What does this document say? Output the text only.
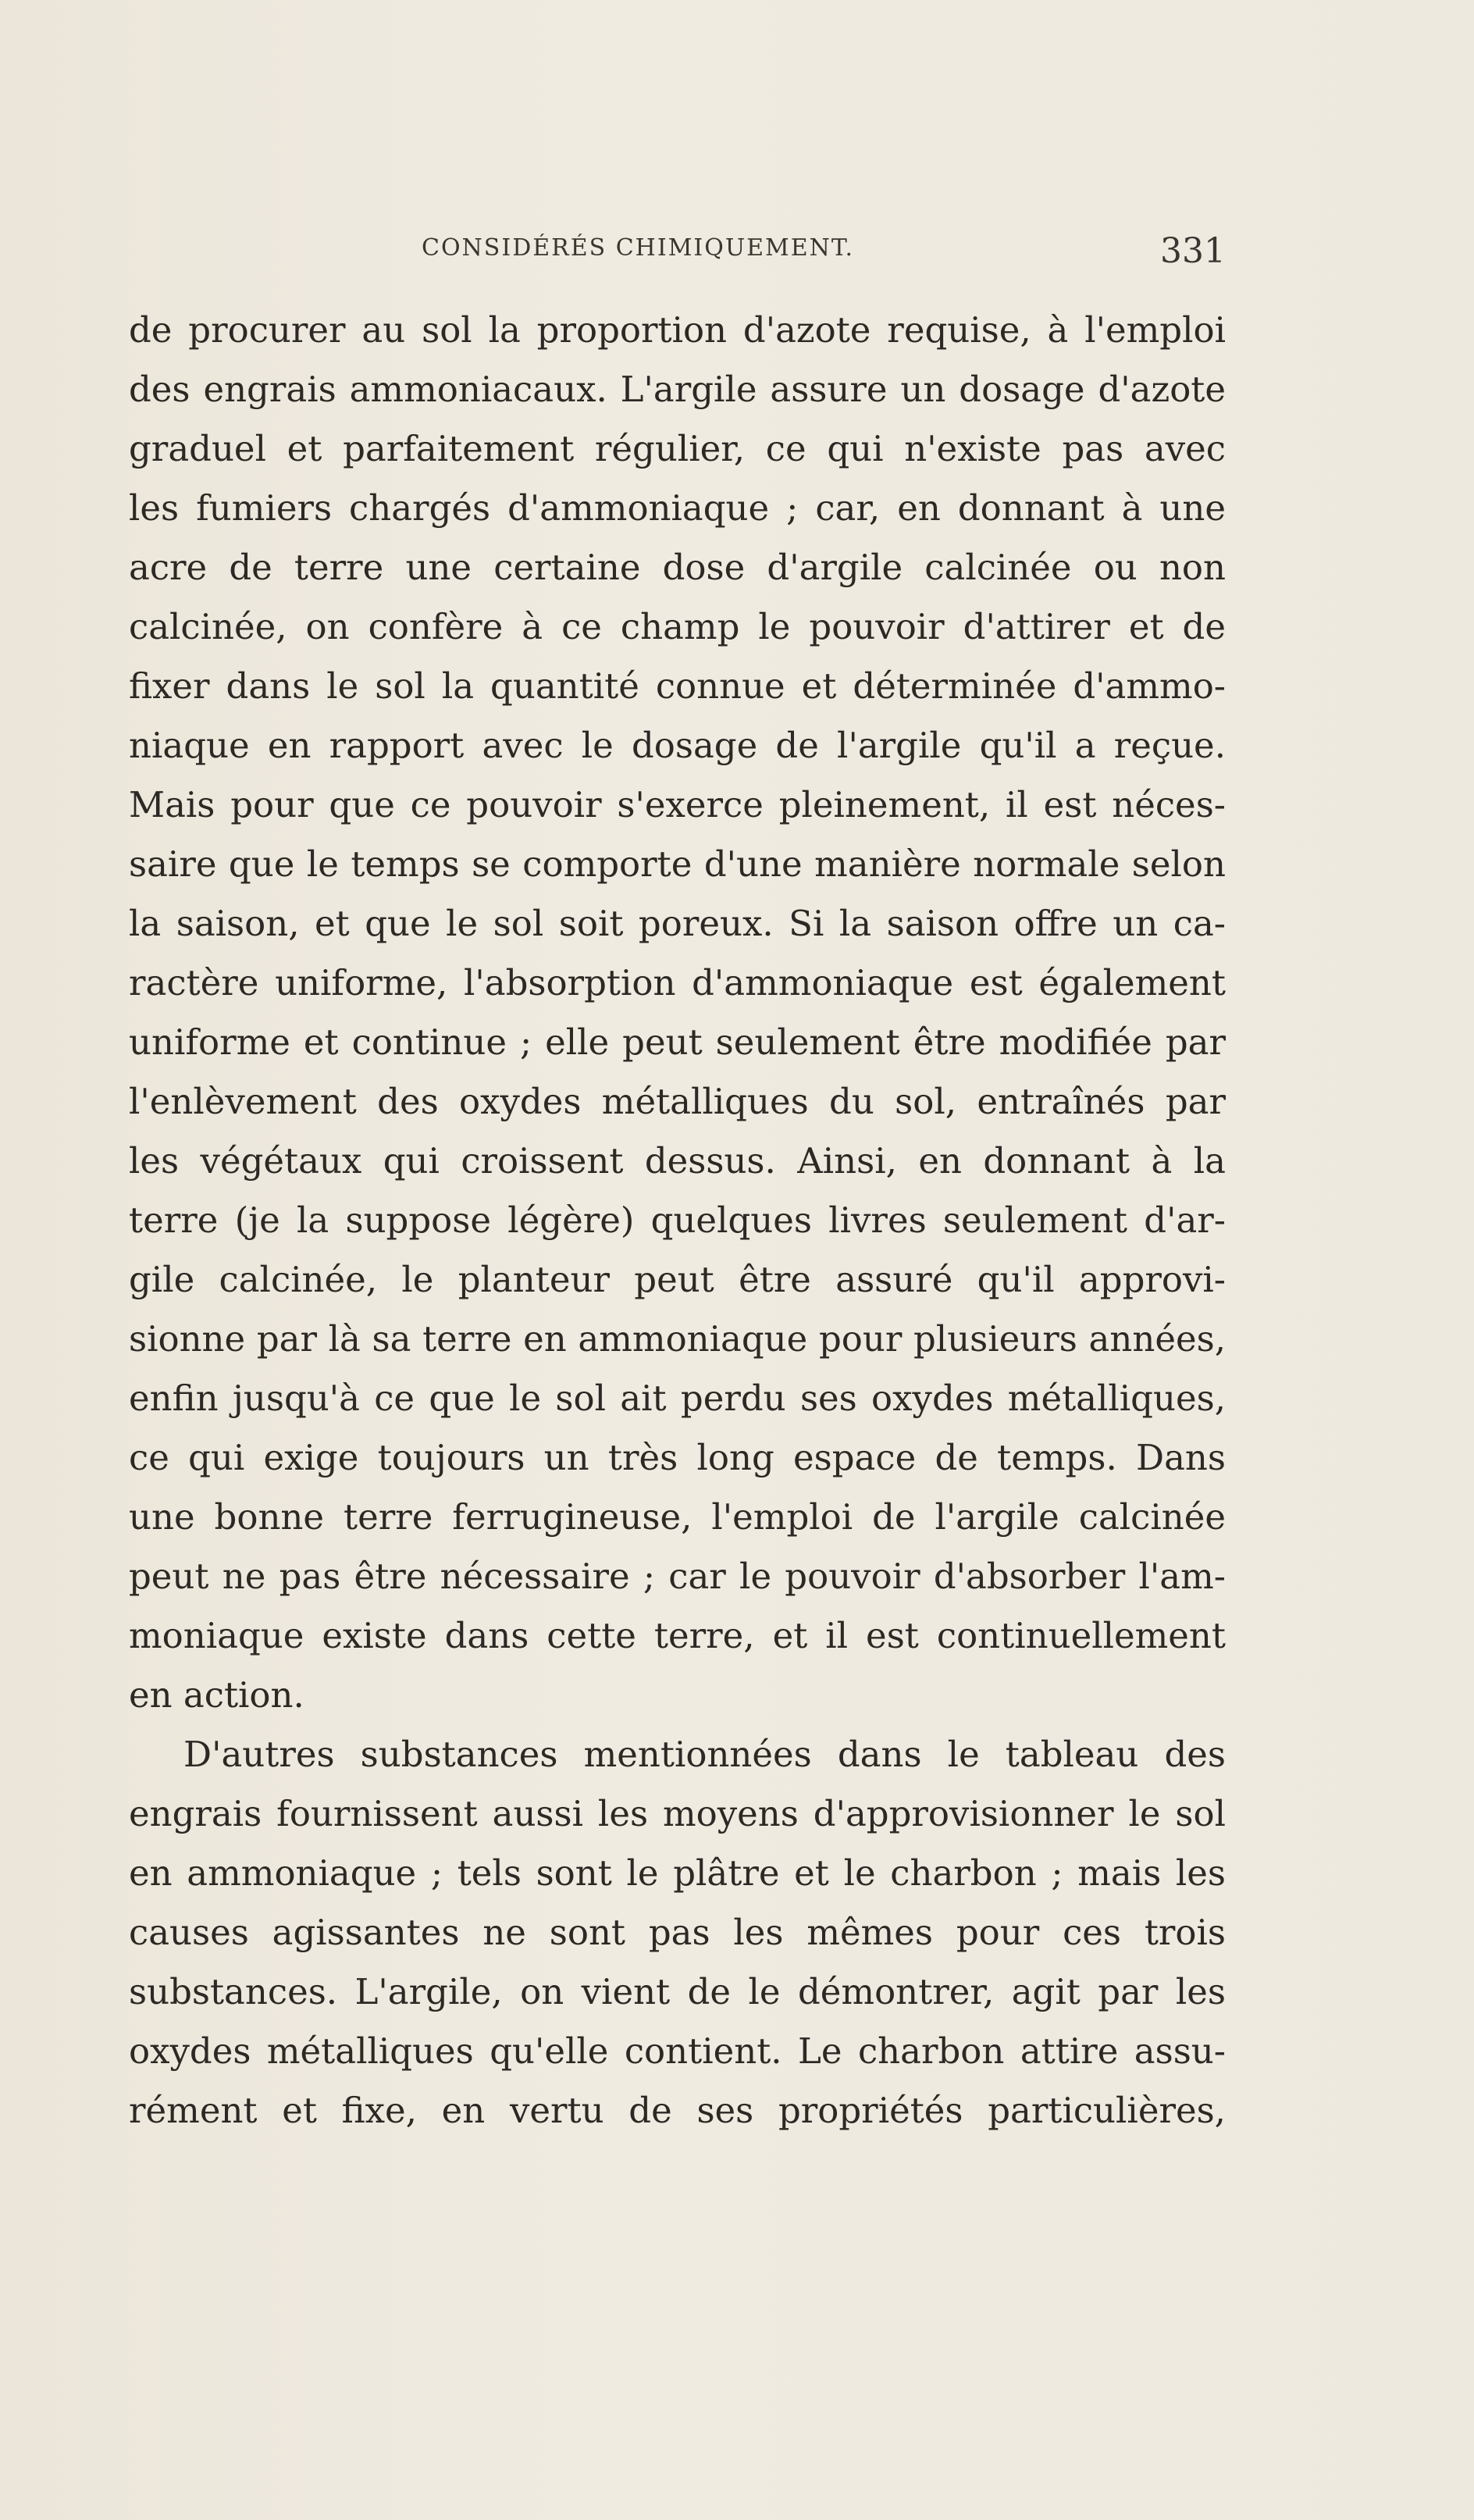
CONSIDÉRÉS CHIMIQUEMENT.	331
de procurer au sol la proportion d'azote requise, à l'emploi
des engrais ammoniacaux. L'argile assure un dosage d'azote
graduel et parfaitement régulier, ce qui n'existe pas avec
les fumiers chargés d'ammoniaque ; car, en donnant à une
acre de terre une certaine dose d'argile calcinée ou non
calcinée, on confère à ce champ le pouvoir d'attirer et de
fixer dans le sol la quantité connue et déterminée d'ammo-
niaque en rapport avec le dosage de l'argile qu'il a reçue.
Mais pour que ce pouvoir s'exerce pleinement, il est néces-
saire que le temps se comporte d'une manière normale selon
la saison, et que le sol soit poreux. Si la saison offre un ca-
ractère uniforme, l'absorption d'ammoniaque est également
uniforme et continue ; elle peut seulement être modifiée par
l'enlèvement des oxydes métalliques du sol, entraînés par
les végétaux qui croissent dessus. Ainsi, en donnant à la
terre (je la suppose légère) quelques livres seulement d'ar-
gile calcinée, le planteur peut être assuré qu'il approvi-
sionne par là sa terre en ammoniaque pour plusieurs années,
enfin jusqu'à ce que le sol ait perdu ses oxydes métalliques,
ce qui exige toujours un très long espace de temps. Dans
une bonne terre ferrugineuse, l'emploi de l'argile calcinée
peut ne pas être nécessaire ; car le pouvoir d'absorber l'am-
moniaque existe dans cette terre, et il est continuellement
en action.
D'autres substances mentionnées dans le tableau des
engrais fournissent aussi les moyens d'approvisionner le sol
en ammoniaque ; tels sont le plâtre et le charbon ; mais les
causes agissantes ne sont pas les mêmes pour ces trois
substances. L'argile, on vient de le démontrer, agit par les
oxydes métalliques qu'elle contient. Le charbon attire assu-
rément et fixe, en vertu de ses propriétés particulières,
